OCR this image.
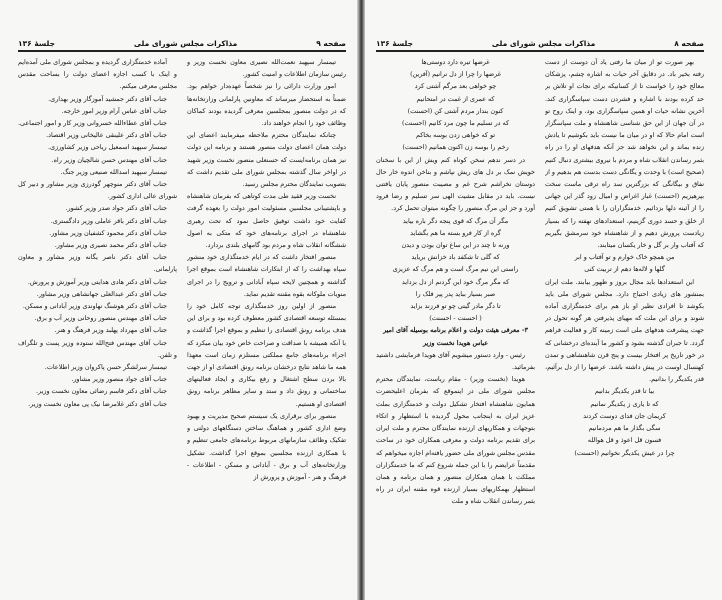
صفحه ۹
مذاکرات مجلس شورای ملی
جلسهٔ ۱۳۶

تیمسار سپهبد نعمت‌الله نصیری معاون نخست وزیر و رئیس سازمان اطلاعات و امنیت کشور.

امور وزارت دارائی را نیز شخصاً عهده‌دار خواهم بود. ضمناً به استحضار میرساند که معاونین پارلمانی وزارتخانه‌ها که در دولت منصور بمجلسین معرفی گردیده بودند کماکان وظائف خود را انجام خواهند داد.

چنانکه نمایندگان محترم ملاحظه میفرمایند اعضای این دولت همان اعضای دولت منصور هستند و برنامه این دولت نیز همان برنامه‌ایست که حسنعلی منصور نخست وزیر شهید در اواخر سال گذشته بمجلس شورای ملی تقدیم داشت که بتصویب نمایندگان محترم مجلس رسید.

نخست وزیر فقید طی مدت کوتاهی که بفرمان شاهنشاه و باپشتیبانی مجلسین مسئولیت امور دولت را بعهده گرفت کفایت خود داشت توفیق حاصل نمود که تحت رهبری شاهنشاه در اجرای برنامه‌های خود که متکی به اصول ششگانه انقلاب شاه و مردم بود گامهای بلندی بردارد.

منصور افتخار داشت که در ایام خدمتگذاری خود منشور سپاه بهداشت را که از ابتکارات شاهنشاه است بموقع اجرا گذاشته و همچنین لایحه سپاه آبادانی و ترویج را در اجرای منویات ملوکانه بقوه مقننه تقدیم نماید.

منصور از اولین روز خدمتگذاری توجه کامل خود را بمسئله توسعه اقتصادی کشور معطوف کرده بود و برای این هدف برنامه رونق اقتصادی را تنظیم و بموقع اجرا گذاشت و با آنکه همیشه با صداقت و صراحت خاص خود بیان میکرد که اجراء برنامه‌های جامع مملکتی مستلزم زمان است معهذا همه ما شاهد نتایج درخشان برنامه رونق اقتصادی او از جهت بالا بردن سطح اشتغال و رفع بیکاری و ایجاد فعالیتهای ساختمانی و رونق داد و ستد و سایر مظاهر برنامه رونق اقتصادی او هستیم.

منصور برای برقراری یک سیستم صحیح مدیریت و بهبود وضع اداری کشور و هماهنگ ساختن دستگاههای دولتی و تفکیک وظائف سازمانهای مربوط برنامه‌های جامعی تنظیم و با همکاری ارزنده مجلسین بموقع اجرا گذاشت. تشکیل وزارتخانه‌های آب و برق - آبادانی و مسکن - اطلاعات - فرهنگ و هنر - آموزش و پرورش از

آماده خدمتگزاری گردیده و بمجلس شورای ملی آمده‌ایم و اینک با کسب اجازه اعضای دولت را بساحت مقدس مجلس معرفی میکنم.

جناب آقای دکتر جمشید آموزگار وزیر بهداری.

جناب آقای عباس آرام وزیر امور خارجه.

جناب آقای عطاءالله خسروانی وزیر کار و امور اجتماعی.

جناب آقای دکتر علینقی عالیخانی وزیر اقتصاد.

تیمسار سپهبد اسمعیل ریاحی وزیر کشاورزی.

جناب آقای مهندس حسن شالچیان وزیر راه.

تیمسار سپهبد اسدالله صنیعی وزیر جنگ.

جناب آقای دکتر منوچهر گودرزی وزیر مشاور و دبیر کل شورای عالی اداری کشور.

جناب آقای دکتر جواد صدر وزیر کشور.

جناب آقای دکتر باقر عاملی وزیر دادگستری.

جناب آقای دکتر محمود کشفیان وزیر مشاور.

جناب آقای دکتر محمد نصیری وزیر مشاور.

جناب آقای دکتر ناصر یگانه وزیر مشاور و معاون پارلمانی.

جناب آقای دکتر هادی هدایتی وزیر آموزش و پرورش.

جناب آقای دکتر عبدالعلی جهانشاهی وزیر مشاور.

جناب آقای دکتر هوشنگ نهاوندی وزیر آبادانی و مسکن.

جناب آقای مهندس منصور روحانی وزیر آب و برق.

جناب آقای مهرداد پهلبد وزیر فرهنگ و هنر.

جناب آقای مهندس فتح‌الله ستوده وزیر پست و تلگراف و تلفن.

تیمسار سرلشگر حسن پاکروان وزیر اطلاعات.

جناب آقای جواد منصور وزیر مشاور.

جناب آقای دکتر قاسم رضائی معاون نخست وزیر.

جناب آقای دکتر غلامرضا نیک پی معاون نخست وزیر.

صفحه ۸
مذاکرات مجلس شورای ملی
جلسهٔ ۱۳۶

بهر صورت تو از میان ما رفتی یاد آن دوست از دست رفته بخیر باد. در دقایق آخر حیات به اشاره چشم، پزشکان معالج خود را خواست تا از کسانیکه برای نجات او تلاش بر حد کرده بودند با اشاره و فشردن دست سپاسگزاری کند. آخرین نشانه حیات او همین سپاسگزاری بود، و اینک روح تو در آن جهان از این حق شناسی شاهنشاه و ملت سپاسگزار است امام حالا که او در میان ما نیست باید بکوشیم تا یادش زنده بماند و این نخواهد شد جز آنکه هدفهای او را در راه بثمر رساندن انقلاب شاه و مردم با نیروی بیشتری دنبال کنیم (صحیح است) با وحدت و یگانگی دست بدست هم بدهیم و از نفاق و بیگانگی که بزرگترین سد راه ترقی ماست سخت بپرهیزیم (احسنت) غبار اغراض و امیال زود گذر این جهانی را از آئینه دلها بزدائیم. خدمتگزاران را با همتی تشویق کنیم از خلق و حسد دوری گزینیم، استعدادهای نهفته را که بسیار زیادست پرورش دهیم و از شاهنشاه خود سرمشق بگیریم که آفتاب وار بر گل و خار یکسان میتابند.

من همچو خاک خوارم و تو آفتاب و ابر

گلها و لاله‌ها دهم از تربیت کنی

این استعدادها باید مجال بروز و ظهور بیابند. ملت ایران بمنشور های زیادی احتیاج دارد. مجلس شورای ملی باید بکوشد تا افرادی نظیر او باز هم برای خدمتگزاری آماده شوند و برای این ملت که مهیای پذیرفتن هر گونه تحول در جهت پیشرفت هدفهای ملی است زمینه کار و فعالیت فراهم گردد. تا جبران گذشته بشود و کشور ما آینده‌ای درخشانی که در خور تاریخ پر افتخار بیست و پنج قرن شاهنشاهی و تمدن کهنسال اوست در پیش داشته باشد. عرضها را از دل برآئیم، قدر یکدیگر را بدانیم.

بیا تا قدر یکدیگر بدانیم

که تا یاری ز یکدیگر نمانیم

کریمان جان فدای دوست کردند

سگی بگذار ما هم مردمانیم

فسون قل اعوذ و قل هوالله

چرا در عیش یکدیگر نخوانیم (احسنت)

غرضها تیره دارد دوستی‌ها

غرضها را چرا از دل نرانیم (آفرین)

چو خواهی بعد مرگم آشتی کرد

که عمری از غمت در امتحانیم

کنون بندار مردم آشتی کن (احسنت)

که در تسلیم ما چون مرد کانیم (احسنت)

تو که خواهی زدن بوسه بخاکم

رخم را بوسه زن اکنون همانیم (احسنت)

در دسر ندهم سخن کوتاه کنم ویش از این با سخنان خویش نمک بر دل های ریش نپاشم و بناخن اندوه خار حال دوستان نخراشم شرح غم و مصیبت منصور پایان یافتنی نیست. باید در مقابل مشیت الهی سر تسلیم و رضا فرود آورد و جز این مرگ منصور را چگونه میتوان تحمل کرد.

مگر آن مرگ که قوی پنجه دگر باره بیاید

گره از کار فرو بسته ما هم بگشاید

ورنه تا چند در این ساغ توان بودن و دیدن

که گلی تا شکفد باد خزانش بریاید

راستی این نیم مرگ است و هم مرگ که عزیزی

که مگر مرگ خود این گردنم از دل بزداید

صبر بسیار بباید پدر پیر فلک را

تا دگر مادر گیتی چو تو فرزند بزاید

( احسنت - احسنت)

۳- معرفی هیئت دولت و اعلام برنامه بوسیله آقای امیر عباس هویدا نخست وزیر

رئیس - وارد دستور میشویم آقای هویدا فرمایشی داشتید بفرمائید.

هویدا (نخست وزیر) - مقام ریاست، نمایندگان محترم مجلس شورای ملی در اینموقع که بفرمان اعلیحضرت همایون شاهنشاه افتخار تشکیل دولت و خدمتگزاری بملت عزیز ایران به اینجانب محول گردیده با استظهار و اتکاء بتوجهات و همکاریهای ارزنده نمایندگان محترم و ملت ایران برای تقدیم برنامه دولت و معرفی همکاران خود در ساحت مقدس مجلس شورای ملی حضور یافته‌ام اجازه میخواهم که مقدمتاً عرایضم را با این جمله شروع کنم که ما خدمتگزاران مملکت با همان همکاران منصور و همان برنامه و همان استظهار بهمکاریهای بسیار ارزنده قوه مقننه ایران در راه بثمر رساندن انقلاب شاه و ملت
